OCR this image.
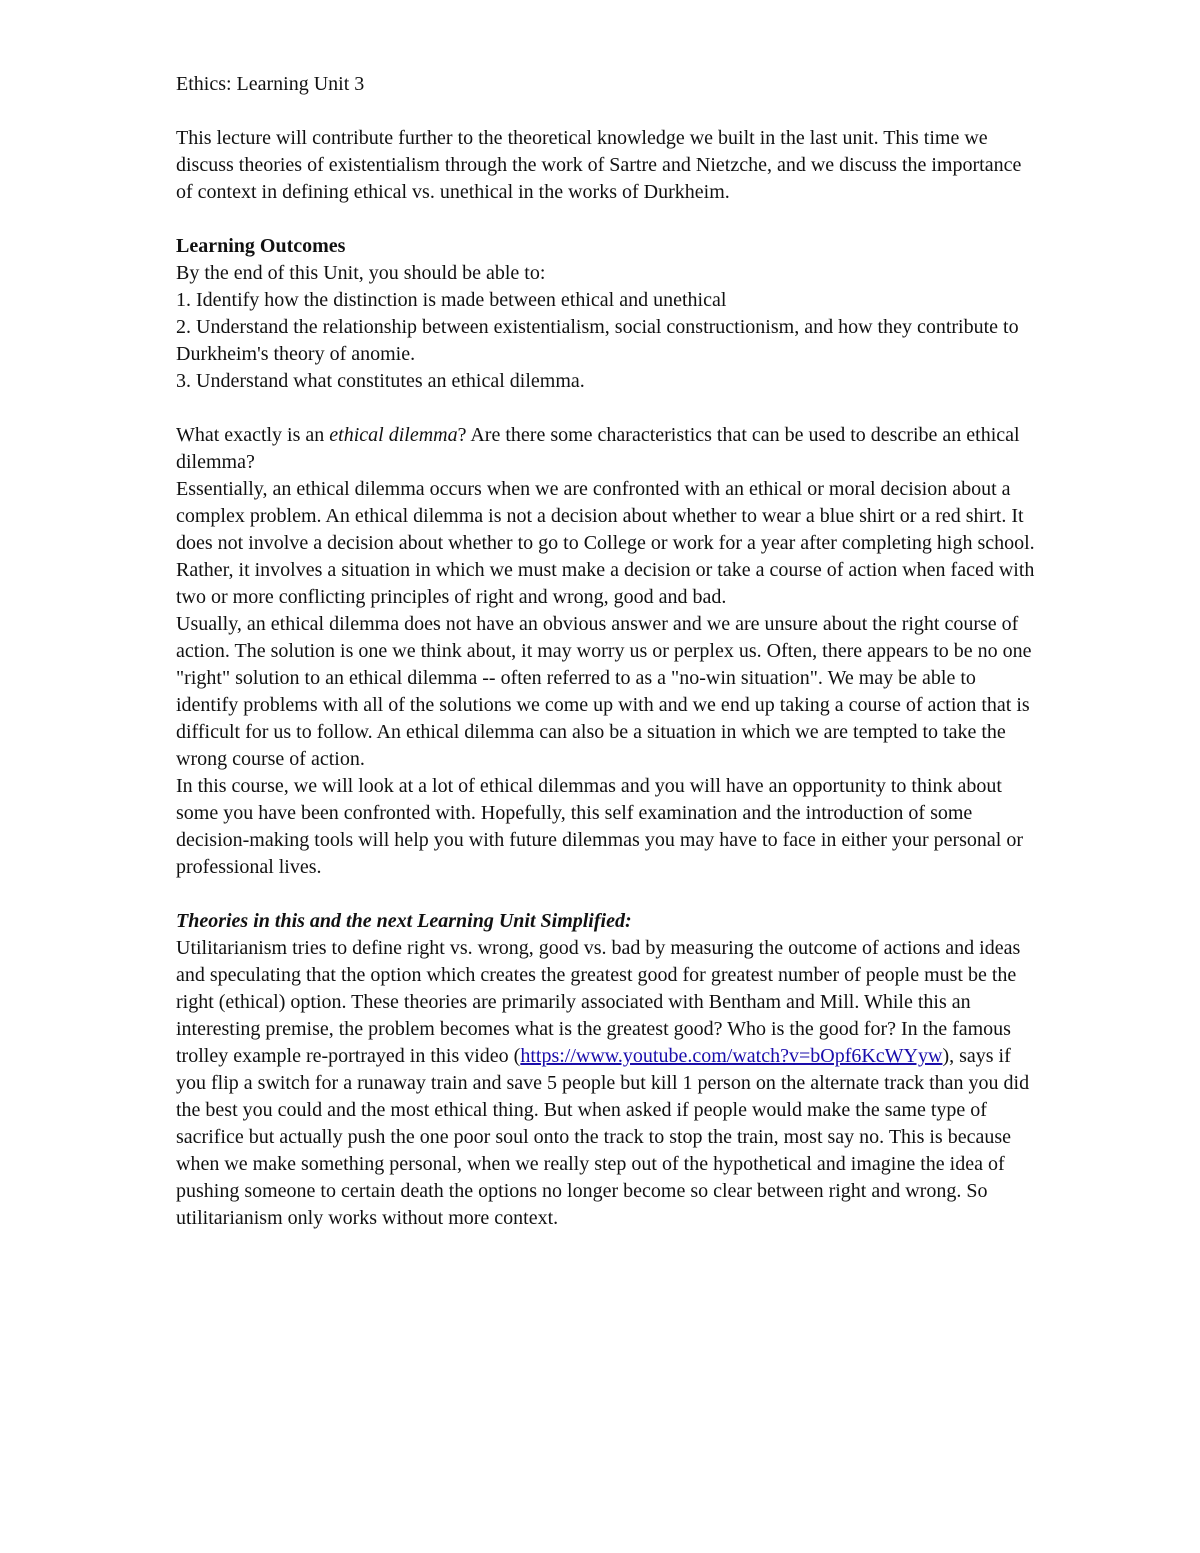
Ethics: Learning Unit 3

This lecture will contribute further to the theoretical knowledge we built in the last unit. This time we discuss theories of existentialism through the work of Sartre and Nietzche, and we discuss the importance of context in defining ethical vs. unethical in the works of Durkheim.

Learning Outcomes

By the end of this Unit, you should be able to:

1. Identify how the distinction is made between ethical and unethical

2. Understand the relationship between existentialism, social constructionism, and how they contribute to Durkheim's theory of anomie.

3. Understand what constitutes an ethical dilemma.

What exactly is an ethical dilemma? Are there some characteristics that can be used to describe an ethical dilemma?

Essentially, an ethical dilemma occurs when we are confronted with an ethical or moral decision about a complex problem. An ethical dilemma is not a decision about whether to wear a blue shirt or a red shirt. It does not involve a decision about whether to go to College or work for a year after completing high school. Rather, it involves a situation in which we must make a decision or take a course of action when faced with two or more conflicting principles of right and wrong, good and bad.

Usually, an ethical dilemma does not have an obvious answer and we are unsure about the right course of action. The solution is one we think about, it may worry us or perplex us. Often, there appears to be no one "right" solution to an ethical dilemma -- often referred to as a "no-win situation". We may be able to identify problems with all of the solutions we come up with and we end up taking a course of action that is difficult for us to follow. An ethical dilemma can also be a situation in which we are tempted to take the wrong course of action.

In this course, we will look at a lot of ethical dilemmas and you will have an opportunity to think about some you have been confronted with. Hopefully, this self examination and the introduction of some decision-making tools will help you with future dilemmas you may have to face in either your personal or professional lives.

Theories in this and the next Learning Unit Simplified:

Utilitarianism tries to define right vs. wrong, good vs. bad by measuring the outcome of actions and ideas and speculating that the option which creates the greatest good for greatest number of people must be the right (ethical) option. These theories are primarily associated with Bentham and Mill. While this an interesting premise, the problem becomes what is the greatest good? Who is the good for? In the famous trolley example re-portrayed in this video (https://www.youtube.com/watch?v=bOpf6KcWYyw), says if you flip a switch for a runaway train and save 5 people but kill 1 person on the alternate track than you did the best you could and the most ethical thing. But when asked if people would make the same type of sacrifice but actually push the one poor soul onto the track to stop the train, most say no. This is because when we make something personal, when we really step out of the hypothetical and imagine the idea of pushing someone to certain death the options no longer become so clear between right and wrong. So utilitarianism only works without more context.
